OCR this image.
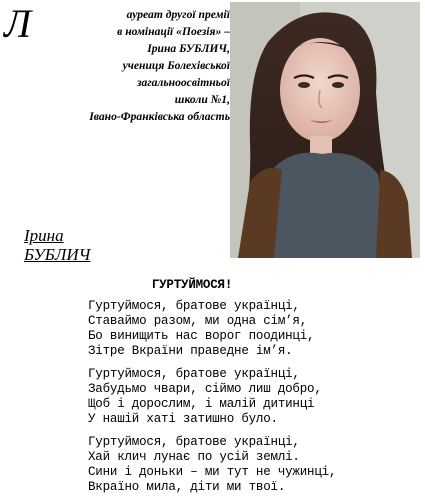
Л	ауреат другої премії
в номінації «Поезія» –
Ірина БУБЛИЧ,
учениця Болехівської
загальноосвітньої
школи №1,
Івано-Франківська область
Ірина
БУБЛИЧ
ГУРТУЙМОСЯ!
Гуртуймося, братове українці,
Ставаймо разом, ми одна сім’я,
Бо винищить нас ворог поодинці,
Зітре Вкраїни праведне ім’я.
Гуртуймося, братове українці,
Забудьмо чвари, сіймо лиш добро,
Щоб і дорослим, і малій дитинці
У нашій хаті затишно було.
Гуртуймося, братове українці,
Хай клич лунає по усій землі.
Сини і доньки – ми тут не чужинці,
Вкраїно мила, діти ми твої.
